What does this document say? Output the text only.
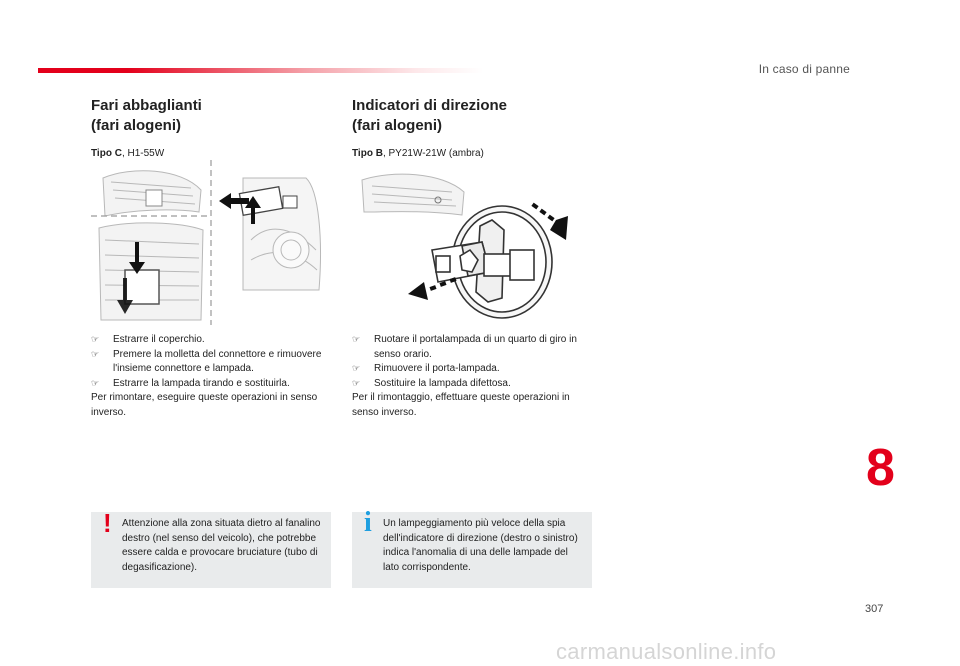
In caso di panne
Fari abbaglianti
(fari alogeni)
Tipo C, H1-55W
Indicatori di direzione
(fari alogeni)
Tipo B, PY21W-21W (ambra)
☞	Estrarre il coperchio.
☞	Premere la molletta del connettore e rimuovere l'insieme connettore e lampada.
☞	Estrarre la lampada tirando e sostituirla.
Per rimontare, eseguire queste operazioni in senso inverso.
☞	Ruotare il portalampada di un quarto di giro in senso orario.
☞	Rimuovere il porta-lampada.
☞	Sostituire la lampada difettosa.
Per il rimontaggio, effettuare queste operazioni in senso inverso.
! Attenzione alla zona situata dietro al fanalino destro (nel senso del veicolo), che potrebbe essere calda e provocare bruciature (tubo di degasificazione).
i Un lampeggiamento più veloce della spia dell'indicatore di direzione (destro o sinistro) indica l'anomalia di una delle lampade del lato corrispondente.
8
307
carmanualsonline.info
